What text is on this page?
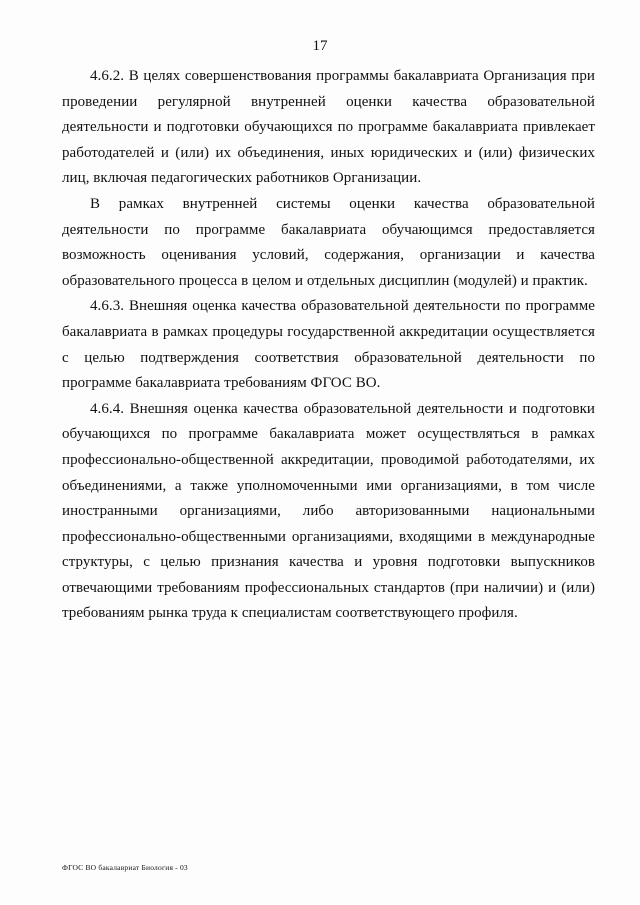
17

4.6.2. В целях совершенствования программы бакалавриата Организация при проведении регулярной внутренней оценки качества образовательной деятельности и подготовки обучающихся по программе бакалавриата привлекает работодателей и (или) их объединения, иных юридических и (или) физических лиц, включая педагогических работников Организации.

В рамках внутренней системы оценки качества образовательной деятельности по программе бакалавриата обучающимся предоставляется возможность оценивания условий, содержания, организации и качества образовательного процесса в целом и отдельных дисциплин (модулей) и практик.

4.6.3. Внешняя оценка качества образовательной деятельности по программе бакалавриата в рамках процедуры государственной аккредитации осуществляется с целью подтверждения соответствия образовательной деятельности по программе бакалавриата требованиям ФГОС ВО.

4.6.4. Внешняя оценка качества образовательной деятельности и подготовки обучающихся по программе бакалавриата может осуществляться в рамках профессионально-общественной аккредитации, проводимой работодателями, их объединениями, а также уполномоченными ими организациями, в том числе иностранными организациями, либо авторизованными национальными профессионально-общественными организациями, входящими в международные структуры, с целью признания качества и уровня подготовки выпускников отвечающими требованиям профессиональных стандартов (при наличии) и (или) требованиям рынка труда к специалистам соответствующего профиля.

ФГОС ВО бакалавриат Биология - 03
